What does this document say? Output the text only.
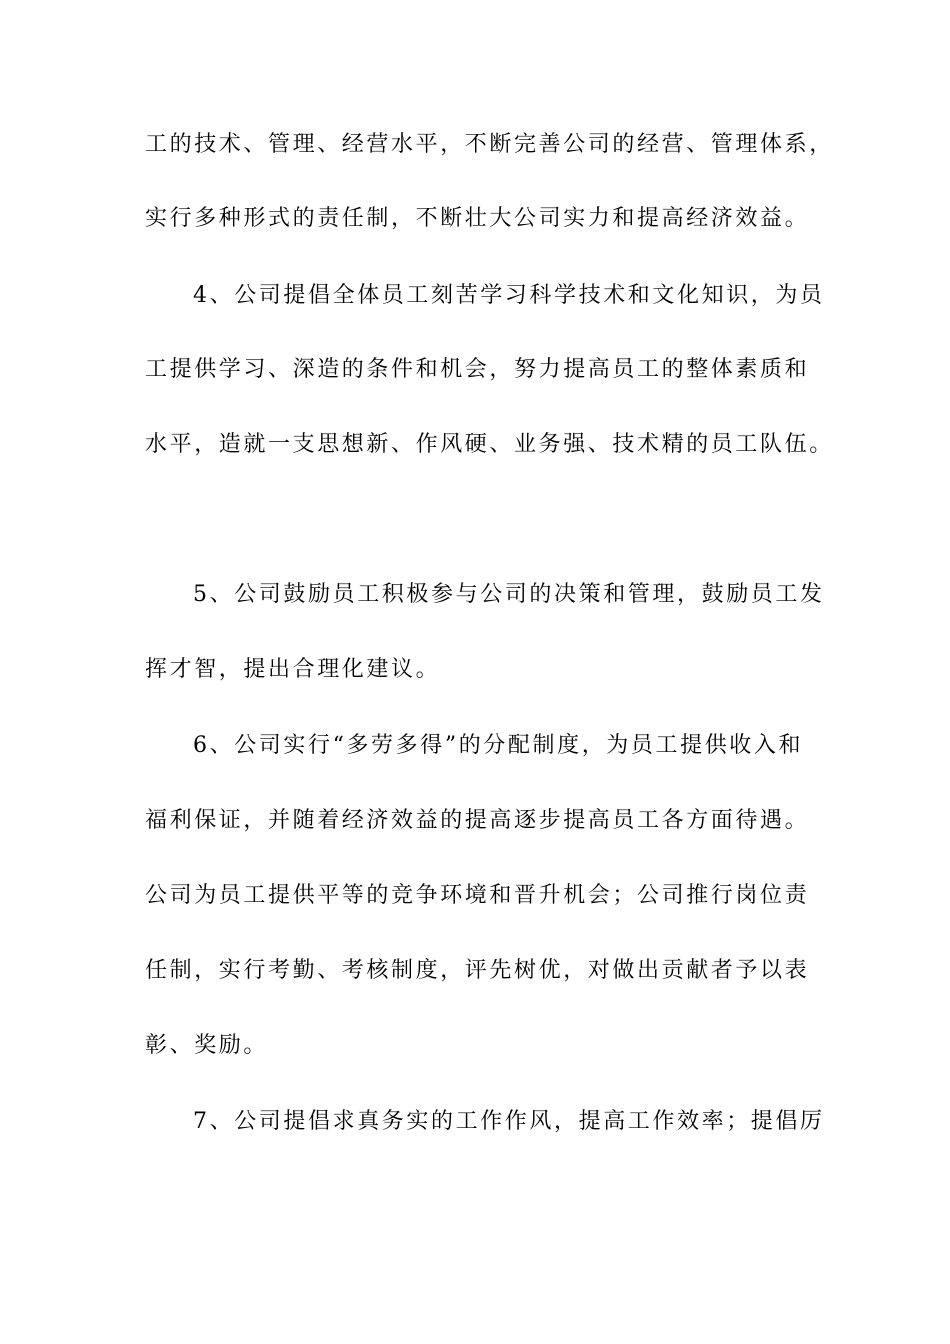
工的技术、管理、经营水平，不断完善公司的经营、管理体系，
实行多种形式的责任制，不断壮大公司实力和提高经济效益。
4、公司提倡全体员工刻苦学习科学技术和文化知识，为员
工提供学习、深造的条件和机会，努力提高员工的整体素质和
水平，造就一支思想新、作风硬、业务强、技术精的员工队伍。
5、公司鼓励员工积极参与公司的决策和管理，鼓励员工发
挥才智，提出合理化建议。
6、公司实行“多劳多得”的分配制度，为员工提供收入和
福利保证，并随着经济效益的提高逐步提高员工各方面待遇。
公司为员工提供平等的竞争环境和晋升机会；公司推行岗位责
任制，实行考勤、考核制度，评先树优，对做出贡献者予以表
彰、奖励。
7、公司提倡求真务实的工作作风，提高工作效率；提倡厉
